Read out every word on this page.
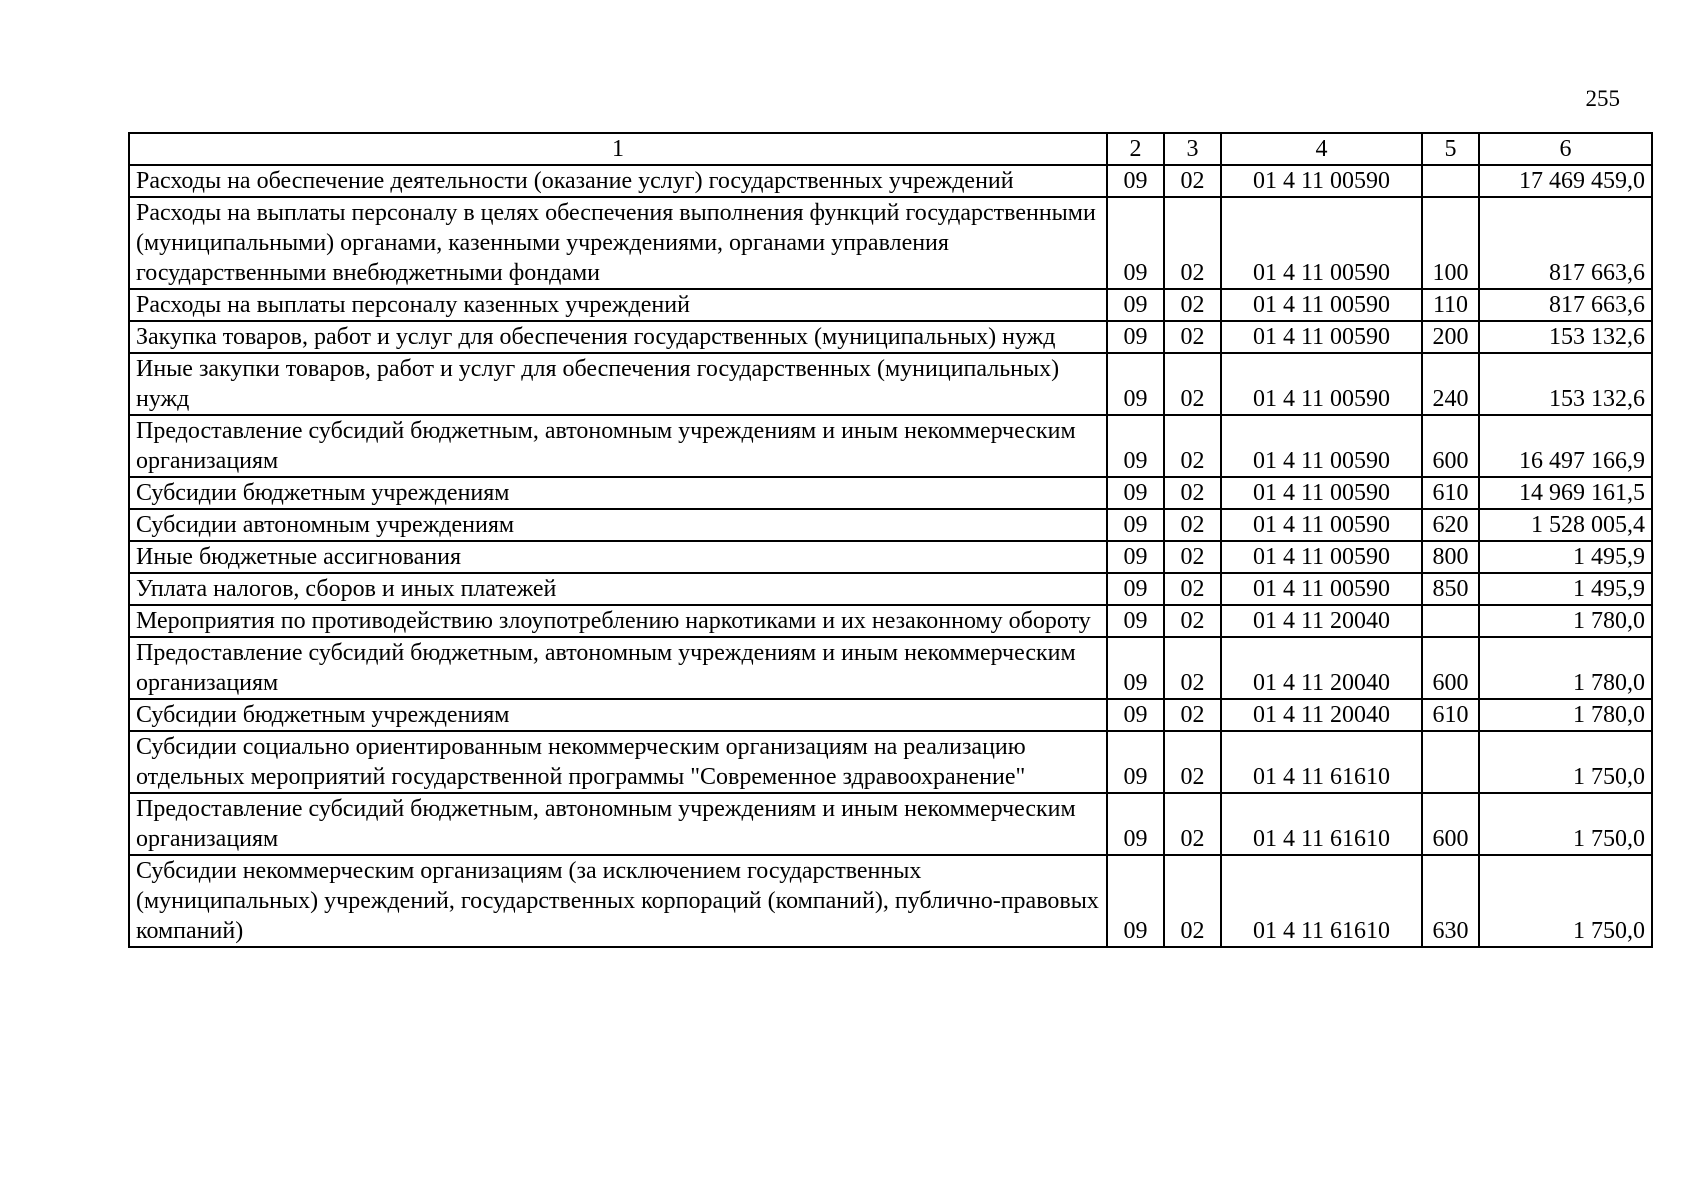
255
1	2	3	4	5	6
Расходы на обеспечение деятельности (оказание услуг) государственных учреждений	09	02	01 4 11 00590		17 469 459,0
Расходы на выплаты персоналу в целях обеспечения выполнения функций государственными (муниципальными) органами, казенными учреждениями, органами управления государственными внебюджетными фондами	09	02	01 4 11 00590	100	817 663,6
Расходы на выплаты персоналу казенных учреждений	09	02	01 4 11 00590	110	817 663,6
Закупка товаров, работ и услуг для обеспечения государственных (муниципальных) нужд	09	02	01 4 11 00590	200	153 132,6
Иные закупки товаров, работ и услуг для обеспечения государственных (муниципальных) нужд	09	02	01 4 11 00590	240	153 132,6
Предоставление субсидий бюджетным, автономным учреждениям и иным некоммерческим организациям	09	02	01 4 11 00590	600	16 497 166,9
Субсидии бюджетным учреждениям	09	02	01 4 11 00590	610	14 969 161,5
Субсидии автономным учреждениям	09	02	01 4 11 00590	620	1 528 005,4
Иные бюджетные ассигнования	09	02	01 4 11 00590	800	1 495,9
Уплата налогов, сборов и иных платежей	09	02	01 4 11 00590	850	1 495,9
Мероприятия по противодействию злоупотреблению наркотиками и их незаконному обороту	09	02	01 4 11 20040		1 780,0
Предоставление субсидий бюджетным, автономным учреждениям и иным некоммерческим организациям	09	02	01 4 11 20040	600	1 780,0
Субсидии бюджетным учреждениям	09	02	01 4 11 20040	610	1 780,0
Субсидии социально ориентированным некоммерческим организациям на реализацию отдельных мероприятий государственной программы "Современное здравоохранение"	09	02	01 4 11 61610		1 750,0
Предоставление субсидий бюджетным, автономным учреждениям и иным некоммерческим организациям	09	02	01 4 11 61610	600	1 750,0
Субсидии некоммерческим организациям (за исключением государственных (муниципальных) учреждений, государственных корпораций (компаний), публично-правовых компаний)	09	02	01 4 11 61610	630	1 750,0
